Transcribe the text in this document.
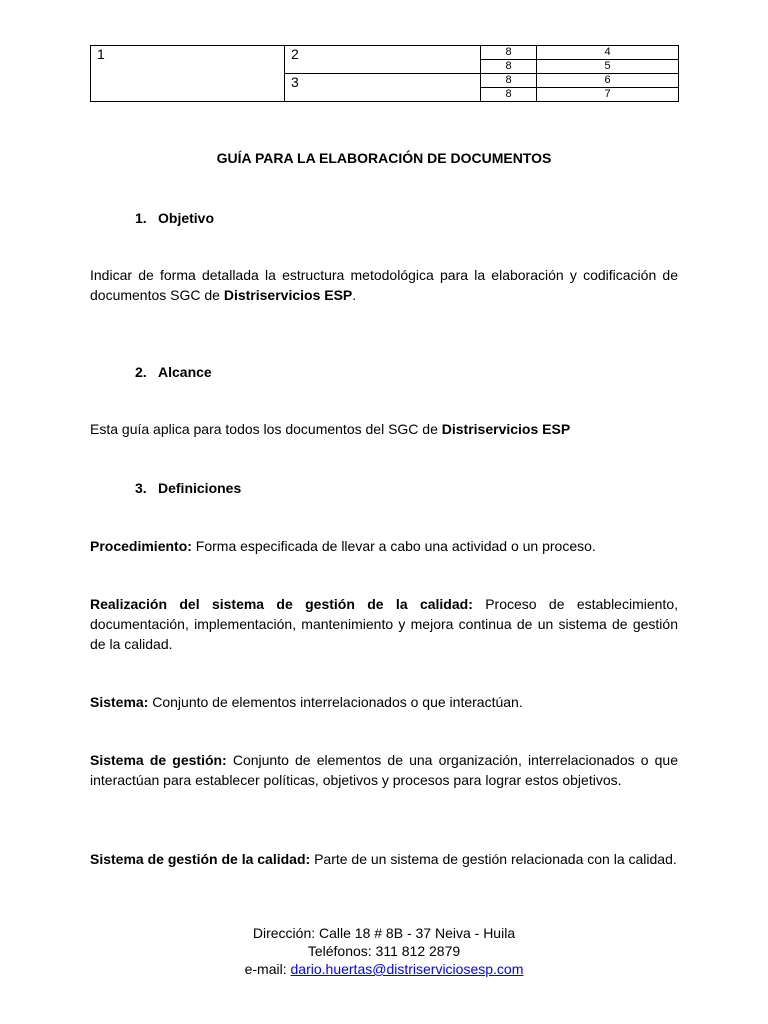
1	2	8	4
		8	5
	3	8	6
		8	7
GUÍA PARA LA ELABORACIÓN DE DOCUMENTOS
1. Objetivo
Indicar de forma detallada la estructura metodológica para la elaboración y codificación de documentos SGC de Distriservicios ESP.
2. Alcance
Esta guía aplica para todos los documentos del SGC de Distriservicios ESP
3. Definiciones
Procedimiento: Forma especificada de llevar a cabo una actividad o un proceso.
Realización del sistema de gestión de la calidad: Proceso de establecimiento, documentación, implementación, mantenimiento y mejora continua de un sistema de gestión de la calidad.
Sistema: Conjunto de elementos interrelacionados o que interactúan.
Sistema de gestión: Conjunto de elementos de una organización, interrelacionados o que interactúan para establecer políticas, objetivos y procesos para lograr estos objetivos.
Sistema de gestión de la calidad: Parte de un sistema de gestión relacionada con la calidad.
Dirección: Calle 18 # 8B - 37 Neiva - Huila
Teléfonos: 311 812 2879
e-mail: dario.huertas@distriserviciosesp.com
